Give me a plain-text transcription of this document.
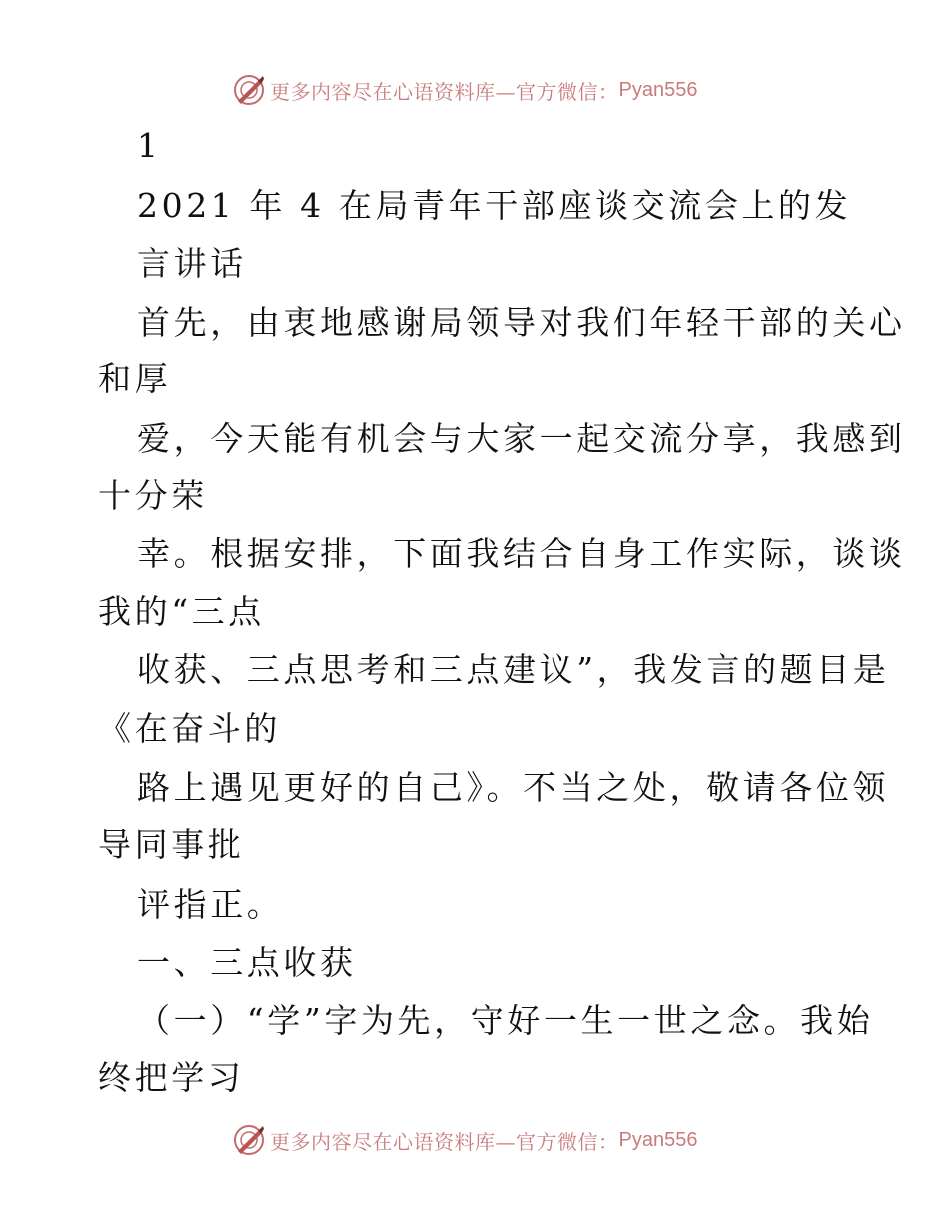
更多内容尽在心语资料库—官方微信： Pyan556
1
2021 年 4 在局青年干部座谈交流会上的发
言讲话
首先，由衷地感谢局领导对我们年轻干部的关心
和厚
爱，今天能有机会与大家一起交流分享，我感到
十分荣
幸。根据安排，下面我结合自身工作实际，谈谈
我的“三点
收获、三点思考和三点建议”，我发言的题目是
《在奋斗的
路上遇见更好的自己》。不当之处，敬请各位领
导同事批
评指正。
一、三点收获
（一）“学”字为先，守好一生一世之念。我始
终把学习
更多内容尽在心语资料库—官方微信： Pyan556
